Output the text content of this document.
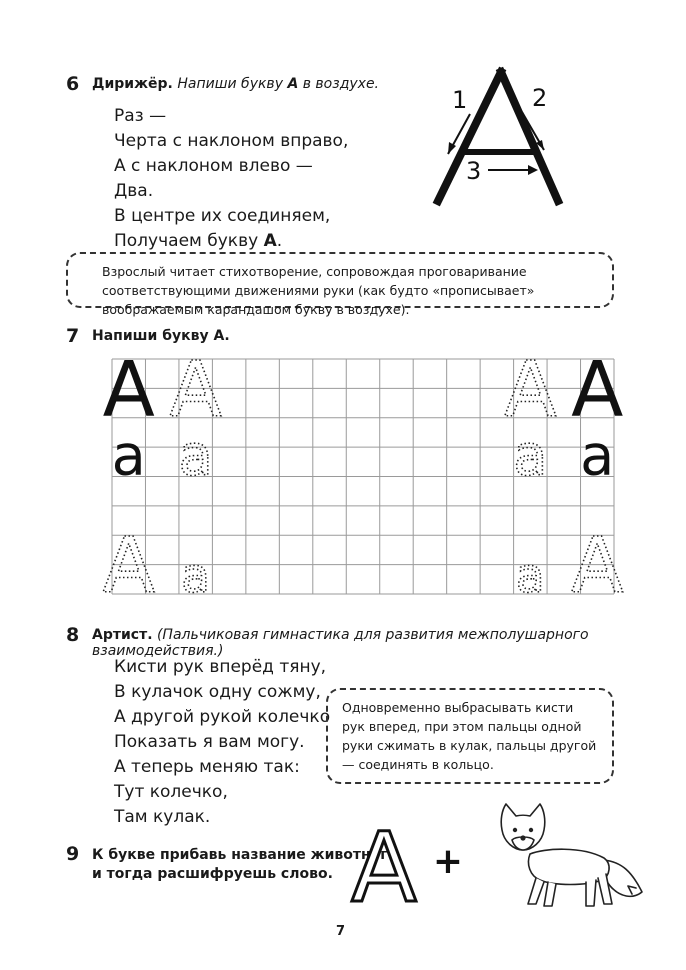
6 Дирижёр. Напиши букву А в воздухе.
Раз —
Черта с наклоном вправо,
А с наклоном влево —
Два.
В центре их соединяем,
Получаем букву А.
1	2
3
Взрослый читает стихотворение, сопровождая проговаривание соответствующими движениями руки (как будто «прописывает» воображаемым карандашом букву в воздухе).
7 Напиши букву А.
А А	А А
а а	а а
А а	а А
8 Артист. (Пальчиковая гимнастика для развития межполушарного взаимодействия.)
Кисти рук вперёд тяну,
В кулачок одну сожму,
А другой рукой колечко
Показать я вам могу.
А теперь меняю так:
Тут колечко,
Там кулак.
Одновременно выбрасывать кисти рук вперед, при этом пальцы одной руки сжимать в кулак, пальцы другой — соединять в кольцо.
9 К букве прибавь название животного
и тогда расшифруешь слово. А +
7
